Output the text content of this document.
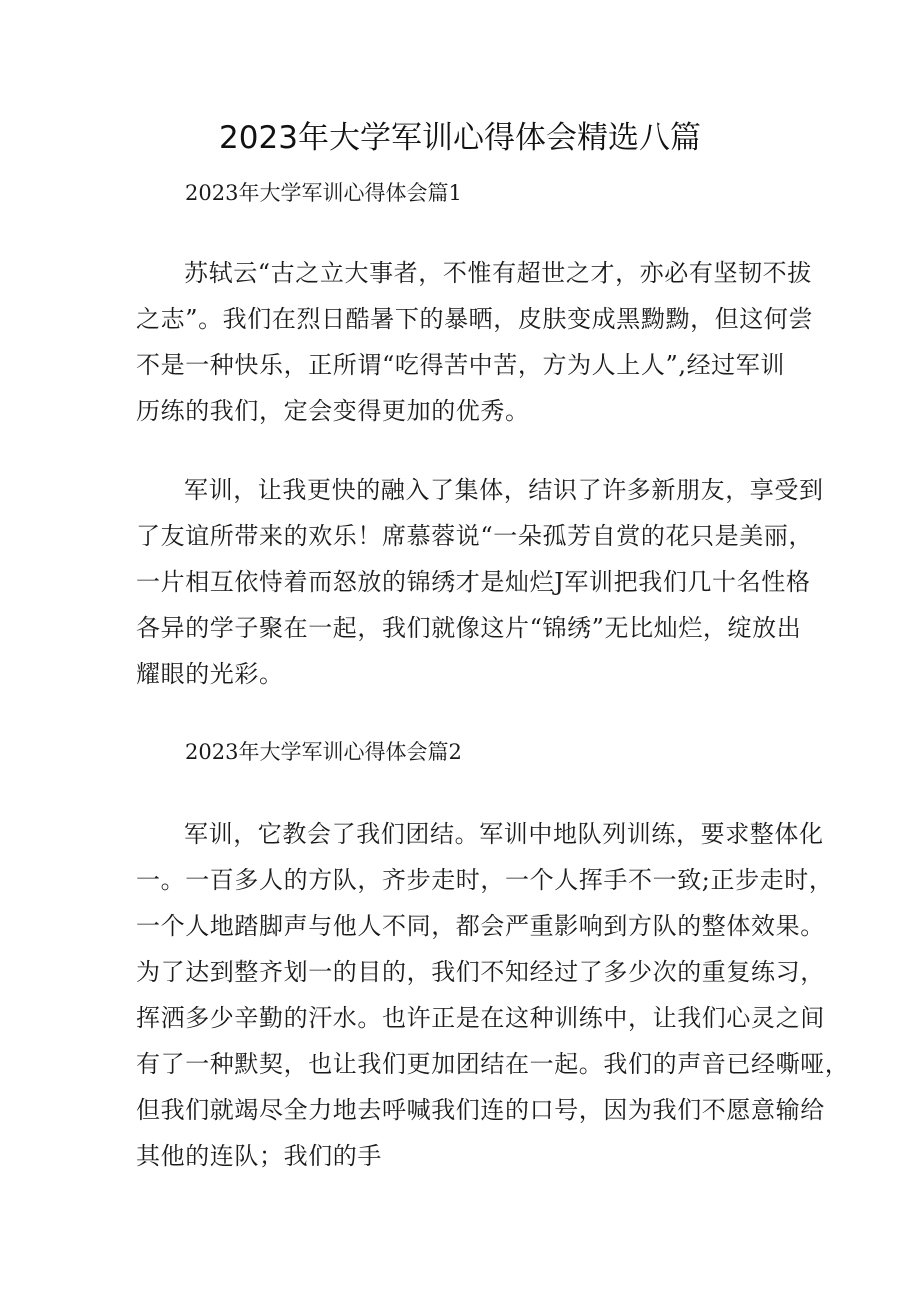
2023年大学军训心得体会精选八篇
2023年大学军训心得体会篇1

苏轼云“古之立大事者，不惟有超世之才，亦必有坚韧不拔
之志”。我们在烈日酷暑下的暴晒，皮肤变成黑黝黝，但这何尝
不是一种快乐，正所谓“吃得苦中苦，方为人上人”,经过军训
历练的我们，定会变得更加的优秀。

军训，让我更快的融入了集体，结识了许多新朋友，享受到
了友谊所带来的欢乐！席慕蓉说“一朵孤芳自赏的花只是美丽，
一片相互依恃着而怒放的锦绣才是灿烂J军训把我们几十名性格
各异的学子聚在一起，我们就像这片“锦绣”无比灿烂，绽放出
耀眼的光彩。

2023年大学军训心得体会篇2

军训，它教会了我们团结。军训中地队列训练，要求整体化
一。一百多人的方队，齐步走时，一个人挥手不一致;正步走时，
一个人地踏脚声与他人不同，都会严重影响到方队的整体效果。
为了达到整齐划一的目的，我们不知经过了多少次的重复练习，
挥洒多少辛勤的汗水。也许正是在这种训练中，让我们心灵之间
有了一种默契，也让我们更加团结在一起。我们的声音已经嘶哑，
但我们就竭尽全力地去呼喊我们连的口号，因为我们不愿意输给
其他的连队；我们的手
